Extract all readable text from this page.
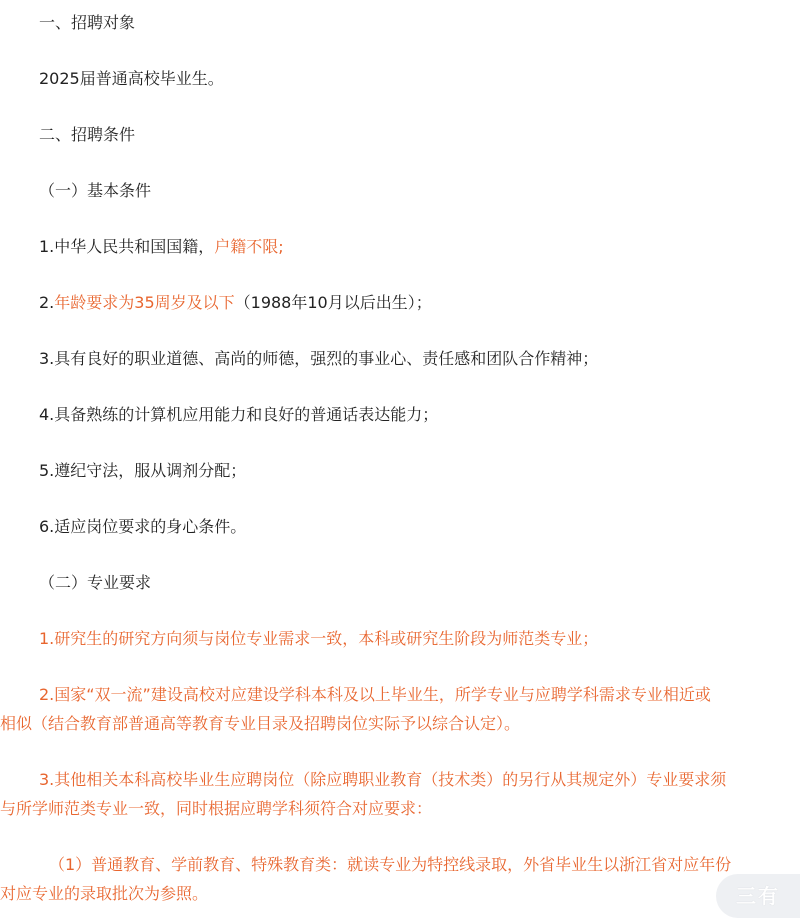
一、招聘对象

2025届普通高校毕业生。

二、招聘条件

（一）基本条件

1.中华人民共和国国籍，户籍不限;

2.年龄要求为35周岁及以下（1988年10月以后出生）；

3.具有良好的职业道德、高尚的师德，强烈的事业心、责任感和团队合作精神；

4.具备熟练的计算机应用能力和良好的普通话表达能力；

5.遵纪守法，服从调剂分配；

6.适应岗位要求的身心条件。

（二）专业要求

1.研究生的研究方向须与岗位专业需求一致，本科或研究生阶段为师范类专业；

2.国家“双一流”建设高校对应建设学科本科及以上毕业生，所学专业与应聘学科需求专业相近或
相似（结合教育部普通高等教育专业目录及招聘岗位实际予以综合认定）。
3.其他相关本科高校毕业生应聘岗位（除应聘职业教育（技术类）的另行从其规定外）专业要求须
与所学师范类专业一致，同时根据应聘学科须符合对应要求：
（1）普通教育、学前教育、特殊教育类：就读专业为特控线录取，外省毕业生以浙江省对应年份
对应专业的录取批次为参照。	三有
